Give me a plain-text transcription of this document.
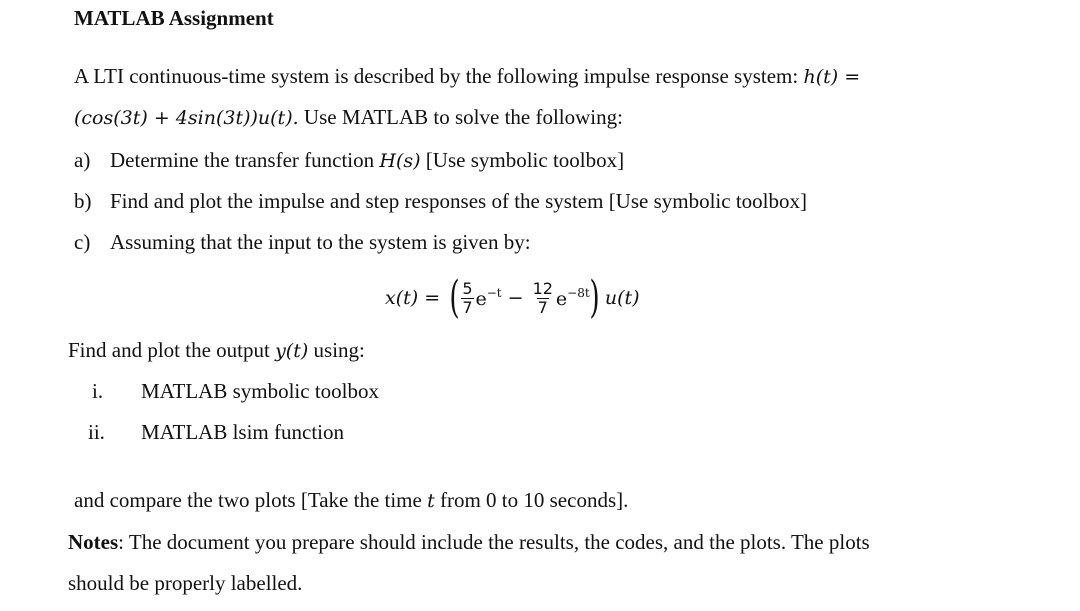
MATLAB Assignment
A LTI continuous-time system is described by the following impulse response system: h(t) =
(cos(3t) + 4sin(3t))u(t). Use MATLAB to solve the following:
a) Determine the transfer function H(s) [Use symbolic toolbox]
b) Find and plot the impulse and step responses of the system [Use symbolic toolbox]
c) Assuming that the input to the system is given by:
x(t) = ( $\frac{5}{7} e^{-t} - \frac{12}{7} e^{-8t}$ ) u(t)
Find and plot the output y(t) using:
i. MATLAB symbolic toolbox
ii. MATLAB lsim function
and compare the two plots [Take the time t from 0 to 10 seconds].
Notes: The document you prepare should include the results, the codes, and the plots. The plots
should be properly labelled.
